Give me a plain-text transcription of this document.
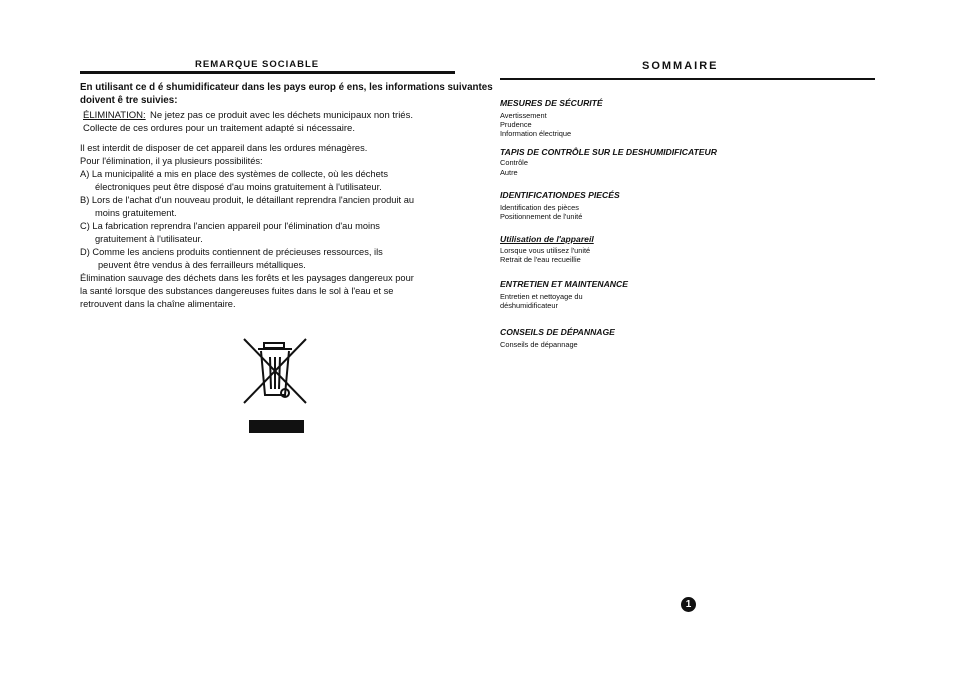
REMARQUE SOCIABLE
En utilisant ce d é shumidificateur dans les pays europ é ens, les informations suivantes
doivent ê tre suivies:
ÉLIMINATION: Ne jetez pas ce produit avec les déchets municipaux non triés.
Collecte de ces ordures pour un traitement adapté si nécessaire.
Il est interdit de disposer de cet appareil dans les ordures ménagères.
Pour l'élimination, il ya plusieurs possibilités:
A) La municipalité a mis en place des systèmes de collecte, où les déchets
électroniques peut être disposé d'au moins gratuitement à l'utilisateur.
B) Lors de l'achat d'un nouveau produit, le détaillant reprendra l'ancien produit au
moins gratuitement.
C) La fabrication reprendra l'ancien appareil pour l'élimination d'au moins
gratuitement à l'utilisateur.
D) Comme les anciens produits contiennent de précieuses ressources, ils
peuvent être vendus à des ferrailleurs métalliques.
Élimination sauvage des déchets dans les forêts et les paysages dangereux pour
la santé lorsque des substances dangereuses fuites dans le sol à l'eau et se
retrouvent dans la chaîne alimentaire.
SOMMAIRE
MESURES DE SÉCURITÉ
Avertissement
Prudence
Information électrique
TAPIS DE CONTRÔLE SUR LE DESHUMIDIFICATEUR
Contrôle
Autre
IDENTIFICATIONDES PIECÉS
Identification des pièces
Positionnement de l'unité
Utilisation de l'appareil
Lorsque vous utilisez l'unité
Retrait de l'eau recueillie
ENTRETIEN ET MAINTENANCE
Entretien et nettoyage du
déshumidificateur
CONSEILS DE DÉPANNAGE
Conseils de dépannage
1
